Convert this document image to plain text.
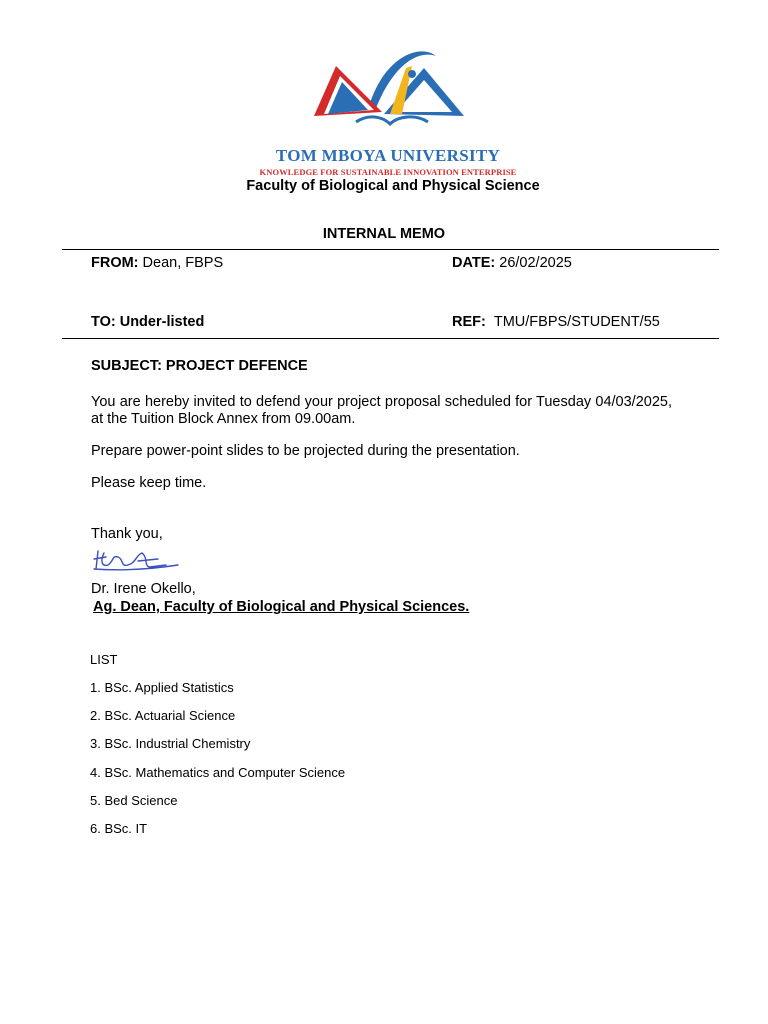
TOM MBOYA UNIVERSITY
KNOWLEDGE FOR SUSTAINABLE INNOVATION ENTERPRISE
Faculty of Biological and Physical Science
INTERNAL MEMO
FROM: Dean, FBPS	DATE: 26/02/2025
TO: Under-listed	REF: TMU/FBPS/STUDENT/55
SUBJECT: PROJECT DEFENCE
You are hereby invited to defend your project proposal scheduled for Tuesday 04/03/2025, at the Tuition Block Annex from 09.00am.
Prepare power-point slides to be projected during the presentation.
Please keep time.
Thank you,
Dr. Irene Okello,
Ag. Dean, Faculty of Biological and Physical Sciences.
LIST
1. BSc. Applied Statistics
2. BSc. Actuarial Science
3. BSc. Industrial Chemistry
4. BSc. Mathematics and Computer Science
5. Bed Science
6. BSc. IT
